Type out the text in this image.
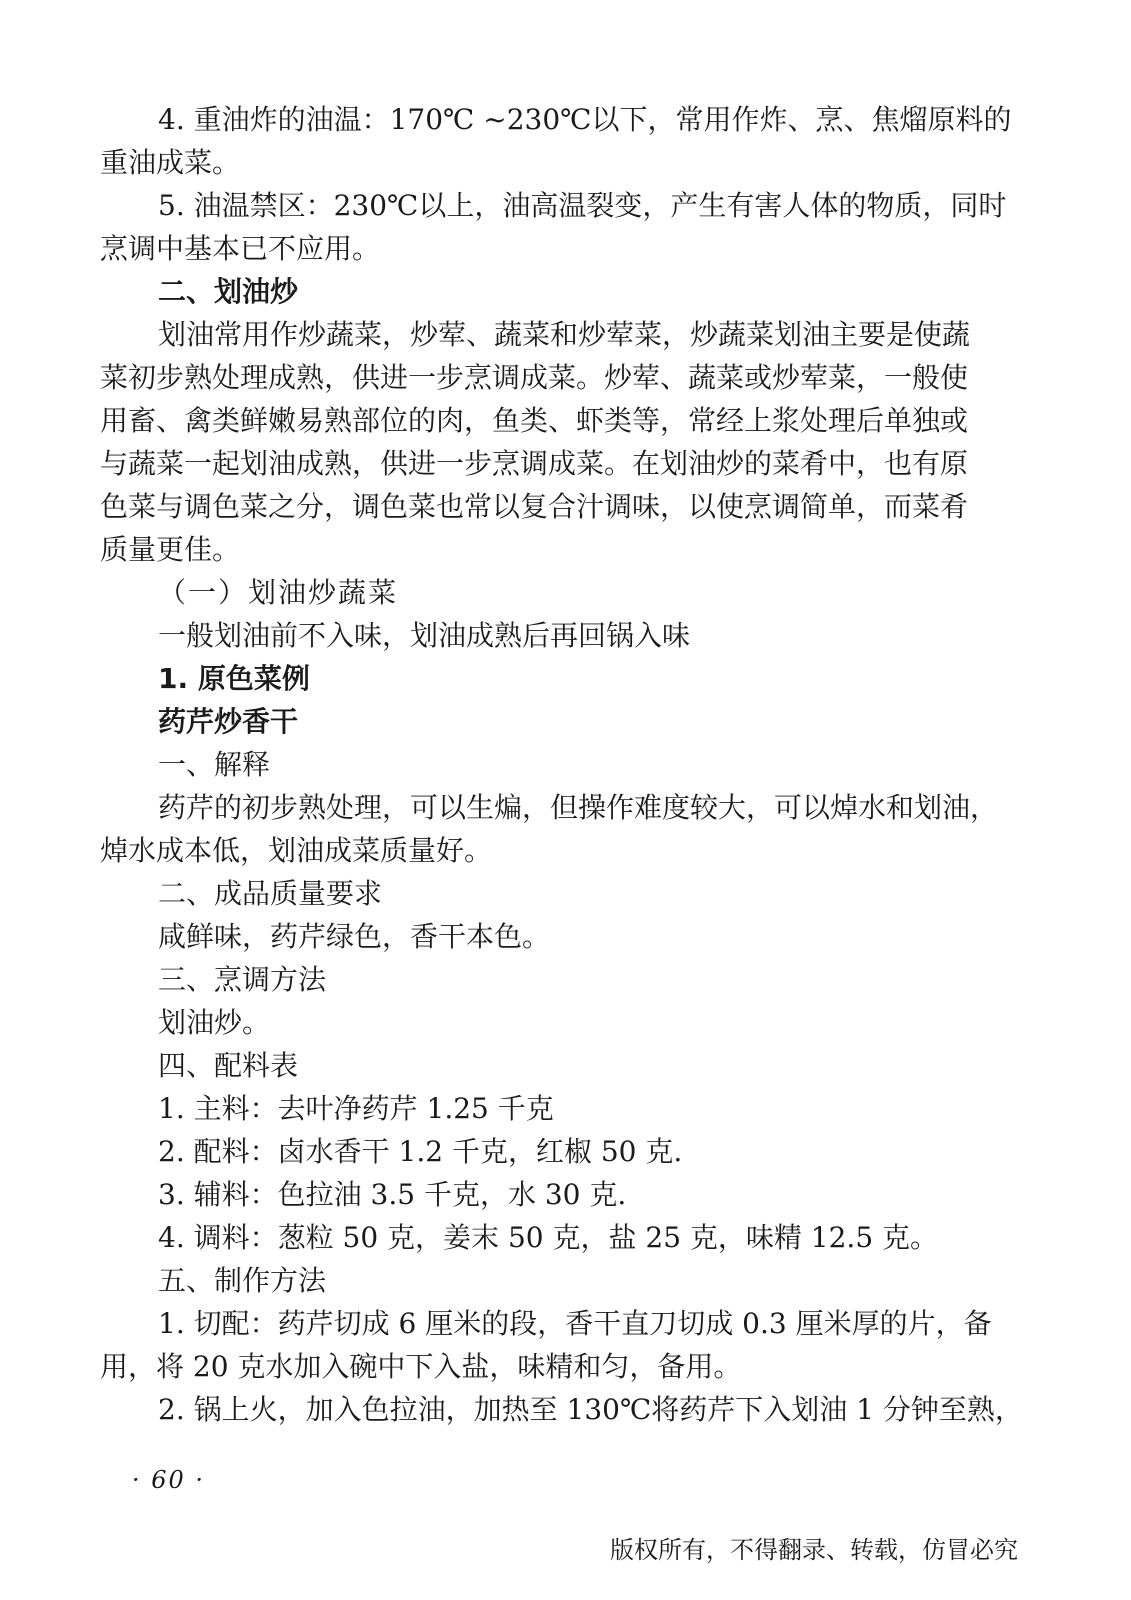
4. 重油炸的油温：170℃ ~230℃以下，常用作炸、烹、焦熘原料的
重油成菜。
5. 油温禁区：230℃以上，油高温裂变，产生有害人体的物质，同时
烹调中基本已不应用。
二、划油炒
划油常用作炒蔬菜，炒荤、蔬菜和炒荤菜，炒蔬菜划油主要是使蔬
菜初步熟处理成熟，供进一步烹调成菜。炒荤、蔬菜或炒荤菜，一般使
用畜、禽类鲜嫩易熟部位的肉，鱼类、虾类等，常经上浆处理后单独或
与蔬菜一起划油成熟，供进一步烹调成菜。在划油炒的菜肴中，也有原
色菜与调色菜之分，调色菜也常以复合汁调味，以使烹调简单，而菜肴
质量更佳。
（一）划油炒蔬菜
一般划油前不入味，划油成熟后再回锅入味
1. 原色菜例
药芹炒香干
一、解释
药芹的初步熟处理，可以生煸，但操作难度较大，可以焯水和划油，
焯水成本低，划油成菜质量好。
二、成品质量要求
咸鲜味，药芹绿色，香干本色。
三、烹调方法
划油炒。
四、配料表
1. 主料：去叶净药芹 1.25 千克
2. 配料：卤水香干 1.2 千克，红椒 50 克.
3. 辅料：色拉油 3.5 千克，水 30 克.
4. 调料：葱粒 50 克，姜末 50 克，盐 25 克，味精 12.5 克。
五、制作方法
1. 切配：药芹切成 6 厘米的段，香干直刀切成 0.3 厘米厚的片，备
用，将 20 克水加入碗中下入盐，味精和匀，备用。
2. 锅上火，加入色拉油，加热至 130℃将药芹下入划油 1 分钟至熟，
· 60 ·
版权所有，不得翻录、转载，仿冒必究
